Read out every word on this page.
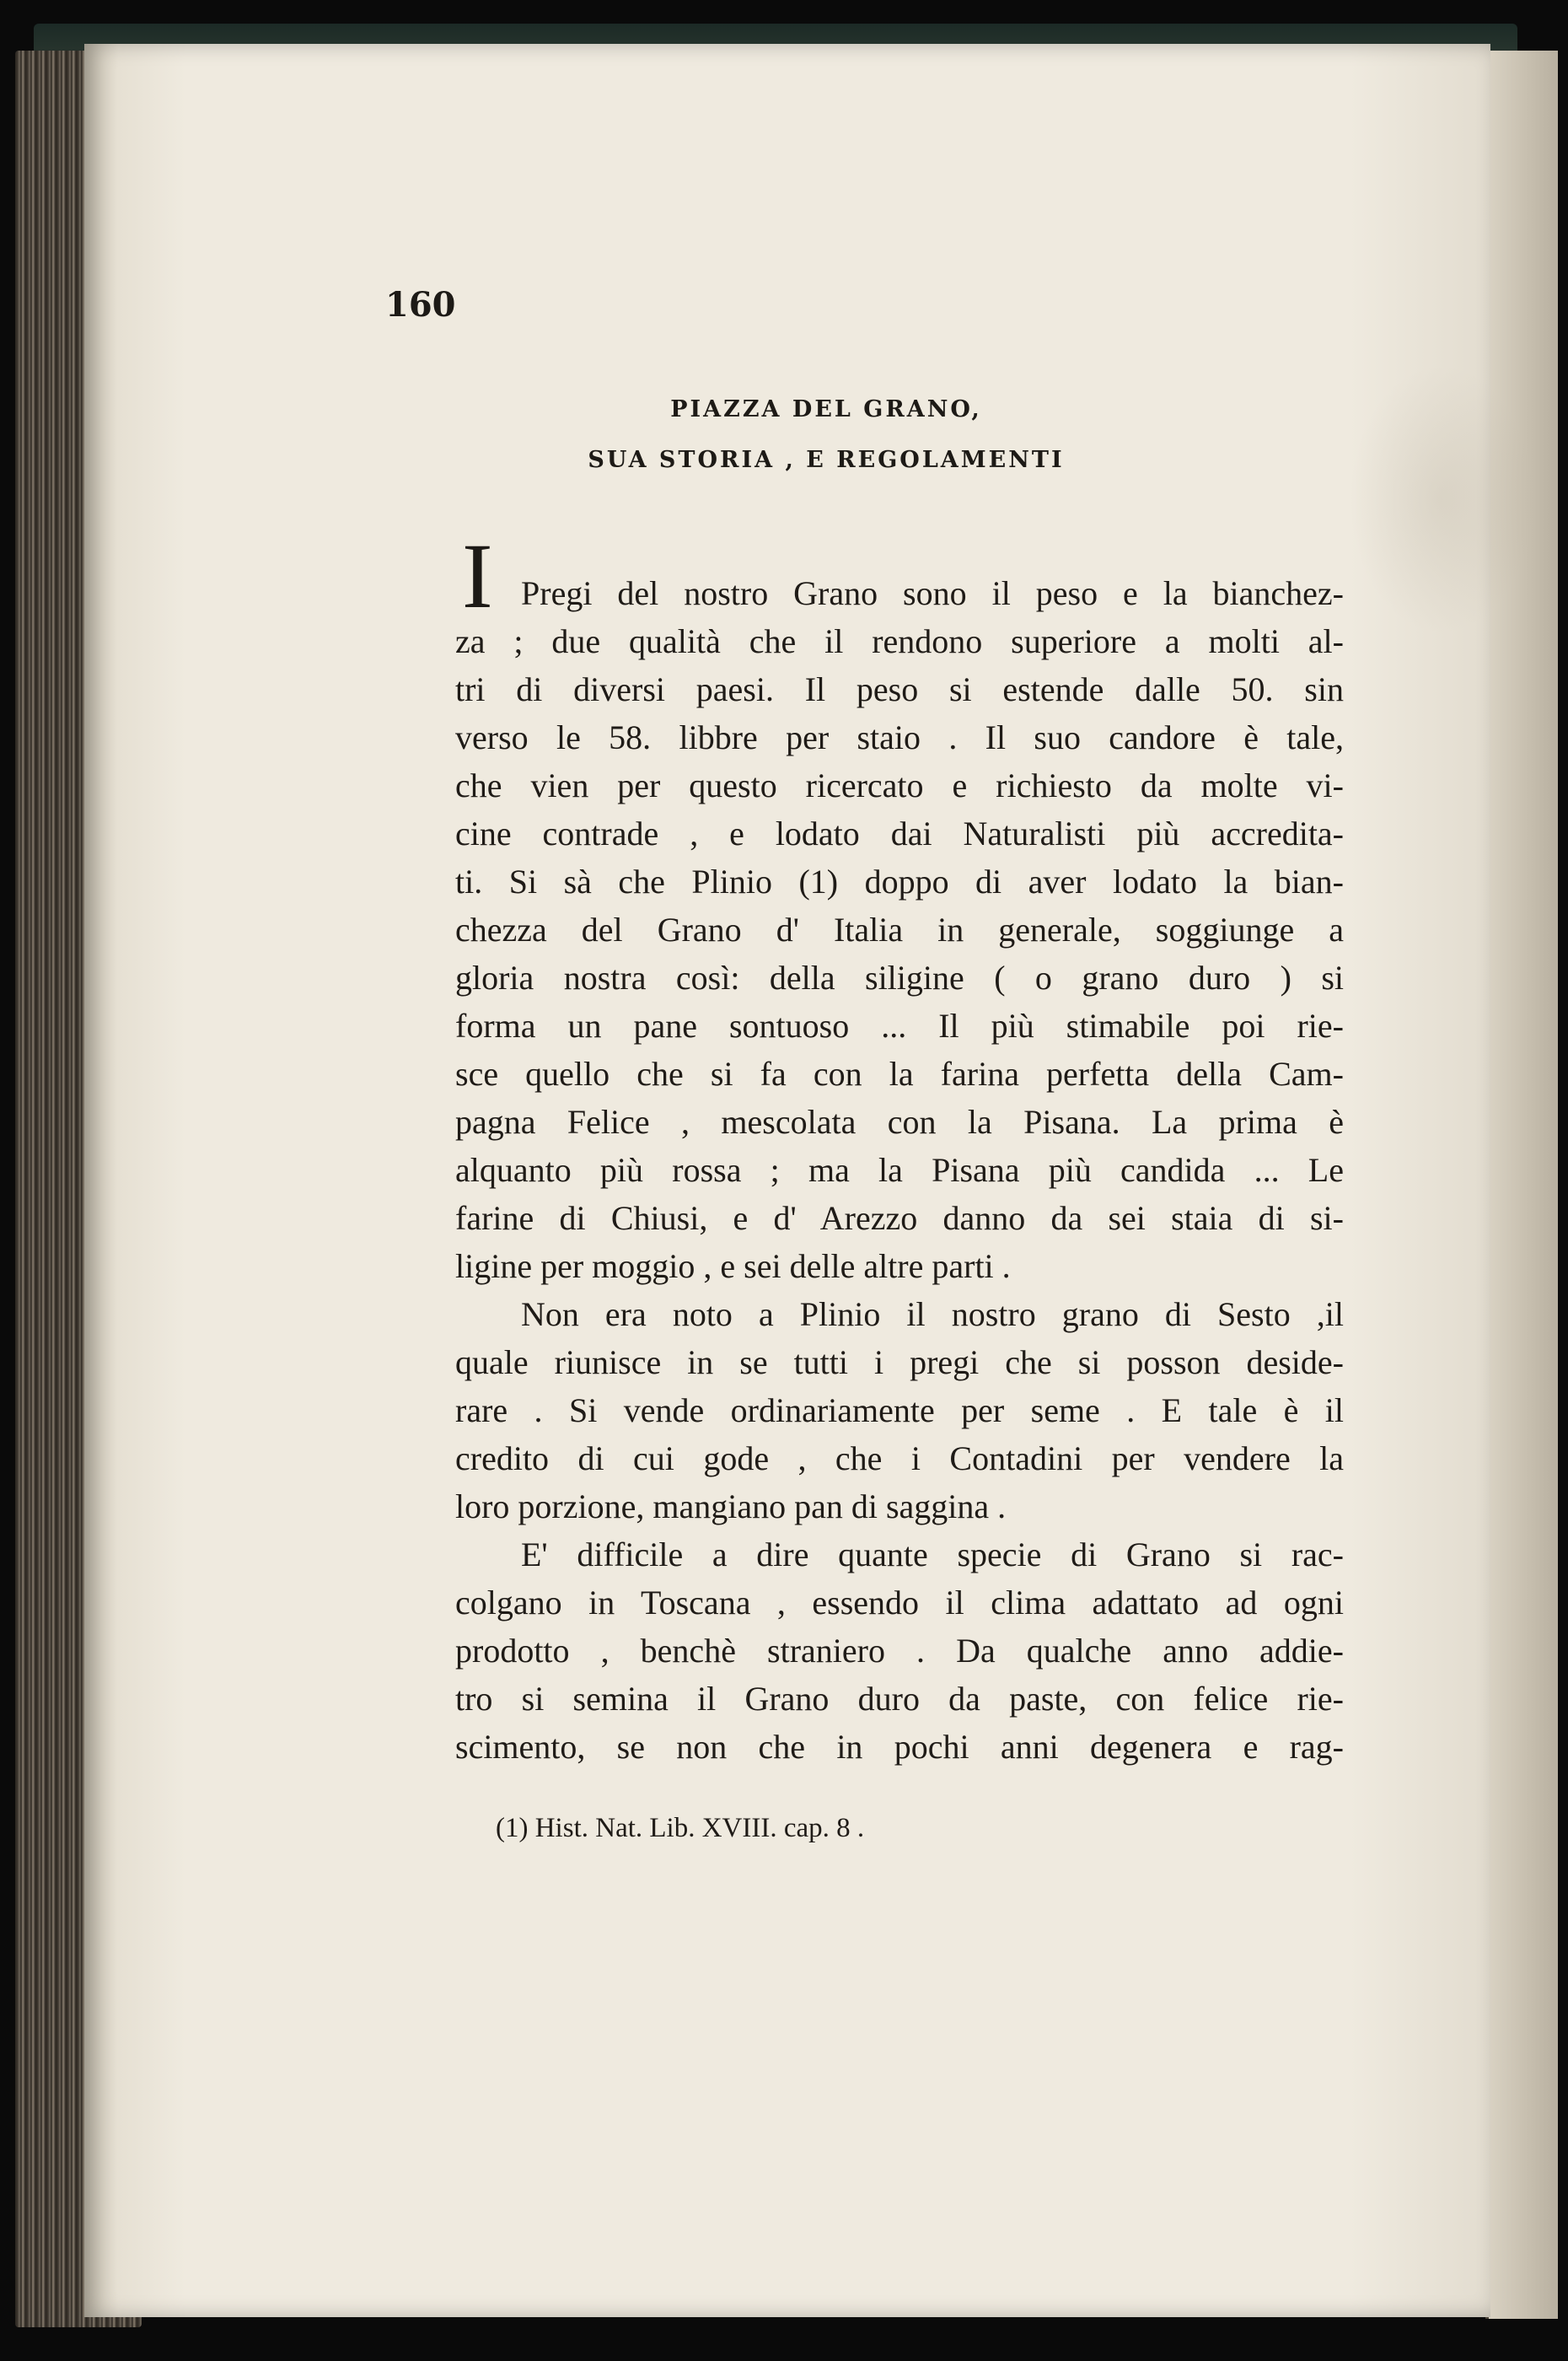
160
PIAZZA DEL GRANO,
SUA STORIA , E REGOLAMENTI
I Pregi del nostro Grano sono il peso e la bianchez-
za ; due qualità che il rendono superiore a molti al-
tri di diversi paesi. Il peso si estende dalle 50. sin
verso le 58. libbre per staio . Il suo candore è tale,
che vien per questo ricercato e richiesto da molte vi-
cine contrade , e lodato dai Naturalisti più accredita-
ti. Si sà che Plinio (1) doppo di aver lodato la bian-
chezza del Grano d' Italia in generale, soggiunge a
gloria nostra così: della siligine ( o grano duro ) si
forma un pane sontuoso ... Il più stimabile poi rie-
sce quello che si fa con la farina perfetta della Cam-
pagna Felice , mescolata con la Pisana. La prima è
alquanto più rossa ; ma la Pisana più candida ... Le
farine di Chiusi, e d' Arezzo danno da sei staia di si-
ligine per moggio , e sei delle altre parti .
Non era noto a Plinio il nostro grano di Sesto ,il
quale riunisce in se tutti i pregi che si posson deside-
rare . Si vende ordinariamente per seme . E tale è il
credito di cui gode , che i Contadini per vendere la
loro porzione, mangiano pan di saggina .
E' difficile a dire quante specie di Grano si rac-
colgano in Toscana , essendo il clima adattato ad ogni
prodotto , benchè straniero . Da qualche anno addie-
tro si semina il Grano duro da paste, con felice rie-
scimento, se non che in pochi anni degenera e rag-
(1) Hist. Nat. Lib. XVIII. cap. 8 .
